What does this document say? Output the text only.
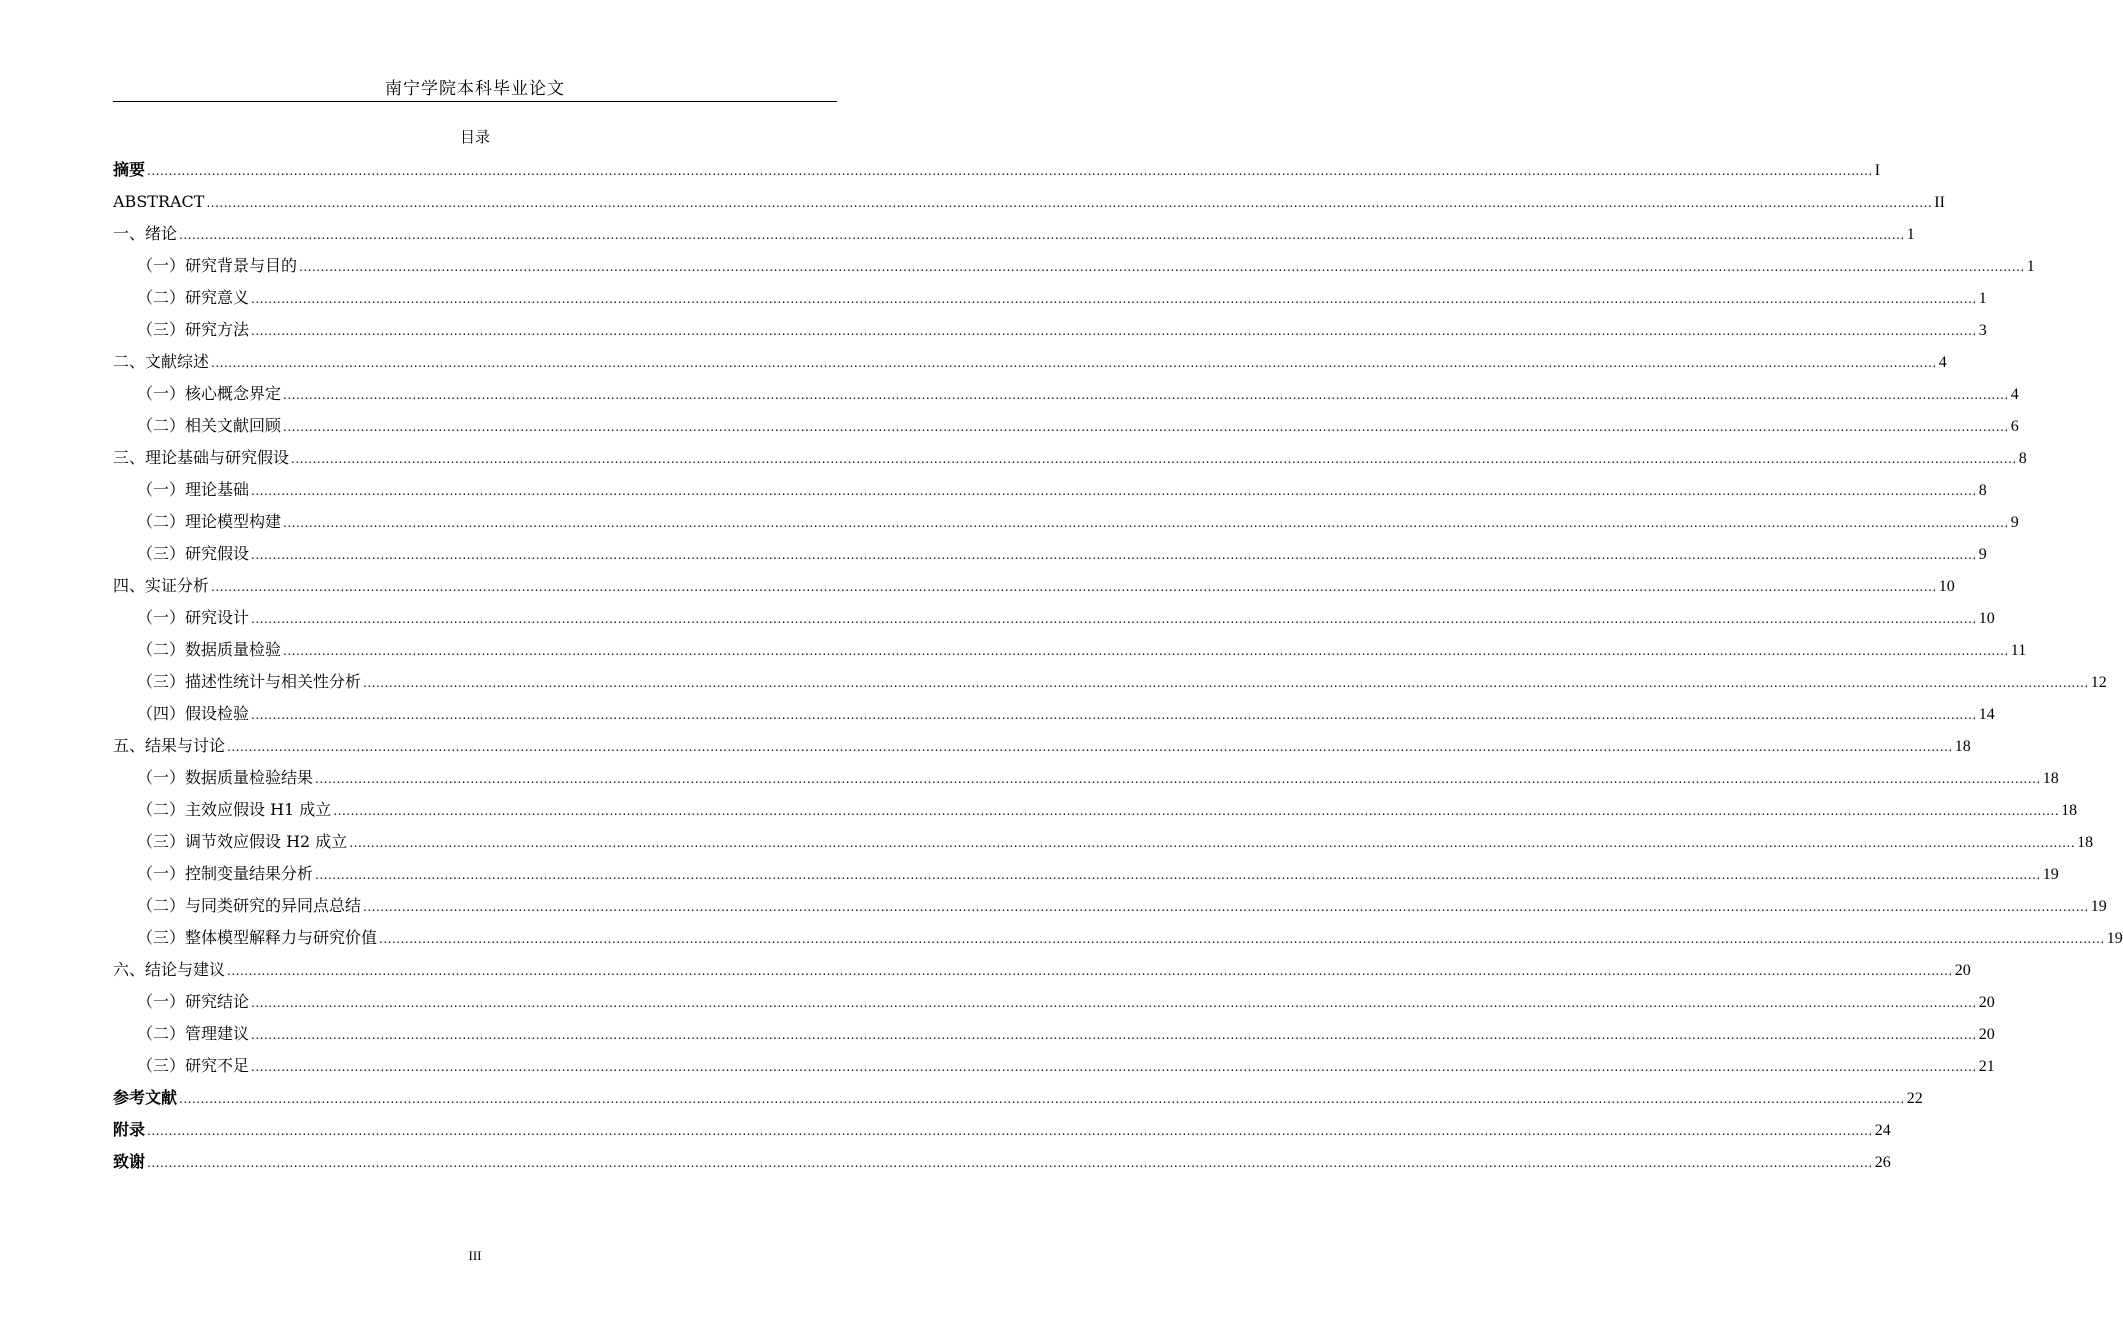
南宁学院本科毕业论文
目录
摘要 ................................................................................................................................................................................................................................................................................................................................................................................................................ I
ABSTRACT ................................................................................................................................................................................................................................................................................................................................................................................................................ II
一、绪论 ................................................................................................................................................................................................................................................................................................................................................................................................................ 1
（一）研究背景与目的 ................................................................................................................................................................................................................................................................................................................................................................................................................ 1
（二）研究意义 ................................................................................................................................................................................................................................................................................................................................................................................................................ 1
（三）研究方法 ................................................................................................................................................................................................................................................................................................................................................................................................................ 3
二、文献综述 ................................................................................................................................................................................................................................................................................................................................................................................................................ 4
（一）核心概念界定 ................................................................................................................................................................................................................................................................................................................................................................................................................ 4
（二）相关文献回顾 ................................................................................................................................................................................................................................................................................................................................................................................................................ 6
三、理论基础与研究假设 ................................................................................................................................................................................................................................................................................................................................................................................................................ 8
（一）理论基础 ................................................................................................................................................................................................................................................................................................................................................................................................................ 8
（二）理论模型构建 ................................................................................................................................................................................................................................................................................................................................................................................................................ 9
（三）研究假设 ................................................................................................................................................................................................................................................................................................................................................................................................................ 9
四、实证分析 ................................................................................................................................................................................................................................................................................................................................................................................................................ 10
（一）研究设计 ................................................................................................................................................................................................................................................................................................................................................................................................................ 10
（二）数据质量检验 ................................................................................................................................................................................................................................................................................................................................................................................................................ 11
（三）描述性统计与相关性分析 ................................................................................................................................................................................................................................................................................................................................................................................................................ 12
（四）假设检验 ................................................................................................................................................................................................................................................................................................................................................................................................................ 14
五、结果与讨论 ................................................................................................................................................................................................................................................................................................................................................................................................................ 18
（一）数据质量检验结果 ................................................................................................................................................................................................................................................................................................................................................................................................................ 18
（二）主效应假设 H1 成立 ................................................................................................................................................................................................................................................................................................................................................................................................................ 18
（三）调节效应假设 H2 成立 ................................................................................................................................................................................................................................................................................................................................................................................................................ 18
（一）控制变量结果分析 ................................................................................................................................................................................................................................................................................................................................................................................................................ 19
（二）与同类研究的异同点总结 ................................................................................................................................................................................................................................................................................................................................................................................................................ 19
（三）整体模型解释力与研究价值 ................................................................................................................................................................................................................................................................................................................................................................................................................ 19
六、结论与建议 ................................................................................................................................................................................................................................................................................................................................................................................................................ 20
（一）研究结论 ................................................................................................................................................................................................................................................................................................................................................................................................................ 20
（二）管理建议 ................................................................................................................................................................................................................................................................................................................................................................................................................ 20
（三）研究不足 ................................................................................................................................................................................................................................................................................................................................................................................................................ 21
参考文献 ................................................................................................................................................................................................................................................................................................................................................................................................................ 22
附录 ................................................................................................................................................................................................................................................................................................................................................................................................................ 24
致谢 ................................................................................................................................................................................................................................................................................................................................................................................................................ 26
III
